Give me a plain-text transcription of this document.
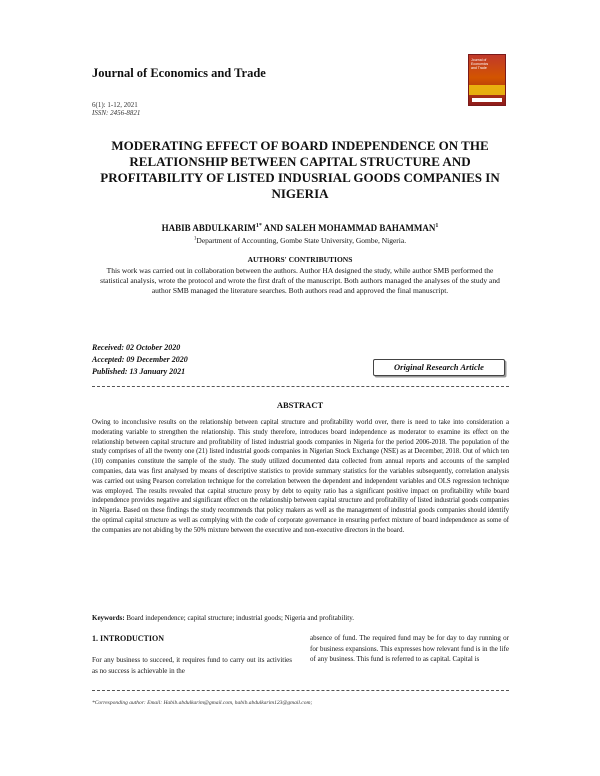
Journal of Economics and Trade
6(1): 1-12, 2021
ISSN: 2456-8821
Journal of
Economics
and Trade
MODERATING EFFECT OF BOARD INDEPENDENCE ON THE RELATIONSHIP BETWEEN CAPITAL STRUCTURE AND PROFITABILITY OF LISTED INDUSRIAL GOODS COMPANIES IN NIGERIA
HABIB $ABDULKARIM^{1*}$ AND SALEH MOHAMMAD BAHAMMAN$^1$
$^1$Department of Accounting, Gombe State University, Gombe, Nigeria.
AUTHORS' CONTRIBUTIONS
This work was carried out in collaboration between the authors. Author HA designed the study, while author SMB performed the statistical analysis, wrote the protocol and wrote the first draft of the manuscript. Both authors managed the analyses of the study and author SMB managed the literature searches. Both authors read and approved the final manuscript.
Received: 02 October 2020
Accepted: 09 December 2020
Published: 13 January 2021	Original Research Article
ABSTRACT
Owing to inconclusive results on the relationship between capital structure and profitability world over, there is need to take into consideration a moderating variable to strengthen the relationship. This study therefore, introduces board independence as moderator to examine its effect on the relationship between capital structure and profitability of listed industrial goods companies in Nigeria for the period 2006-2018. The population of the study comprises of all the twenty one (21) listed industrial goods companies in Nigerian Stock Exchange (NSE) as at December, 2018. Out of which ten (10) companies constitute the sample of the study. The study utilized documented data collected from annual reports and accounts of the sampled companies, data was first analysed by means of descriptive statistics to provide summary statistics for the variables subsequently, correlation analysis was carried out using Pearson correlation technique for the correlation between the dependent and independent variables and OLS regression technique was employed. The results revealed that capital structure proxy by debt to equity ratio has a significant positive impact on profitability while board independence provides negative and significant effect on the relationship between capital structure and profitability of listed industrial goods companies in Nigeria. Based on these findings the study recommends that policy makers as well as the management of industrial goods companies should identify the optimal capital structure as well as complying with the code of corporate governance in ensuring perfect mixture of board independence as some of the companies are not abiding by the 50% mixture between the executive and non-executive directors in the board.
Keywords: Board independence; capital structure; industrial goods; Nigeria and profitability.
1. INTRODUCTION
For any business to succeed, it requires fund to carry out its activities as no success is achievable in the
absence of fund. The required fund may be for day to day running or for business expansions. This expresses how relevant fund is in the life of any business. This fund is referred to as capital. Capital is
*Corresponding author: Email: Habib.abdulkarim@gmail.com, habib.abdulkarim123@gmail.com;
